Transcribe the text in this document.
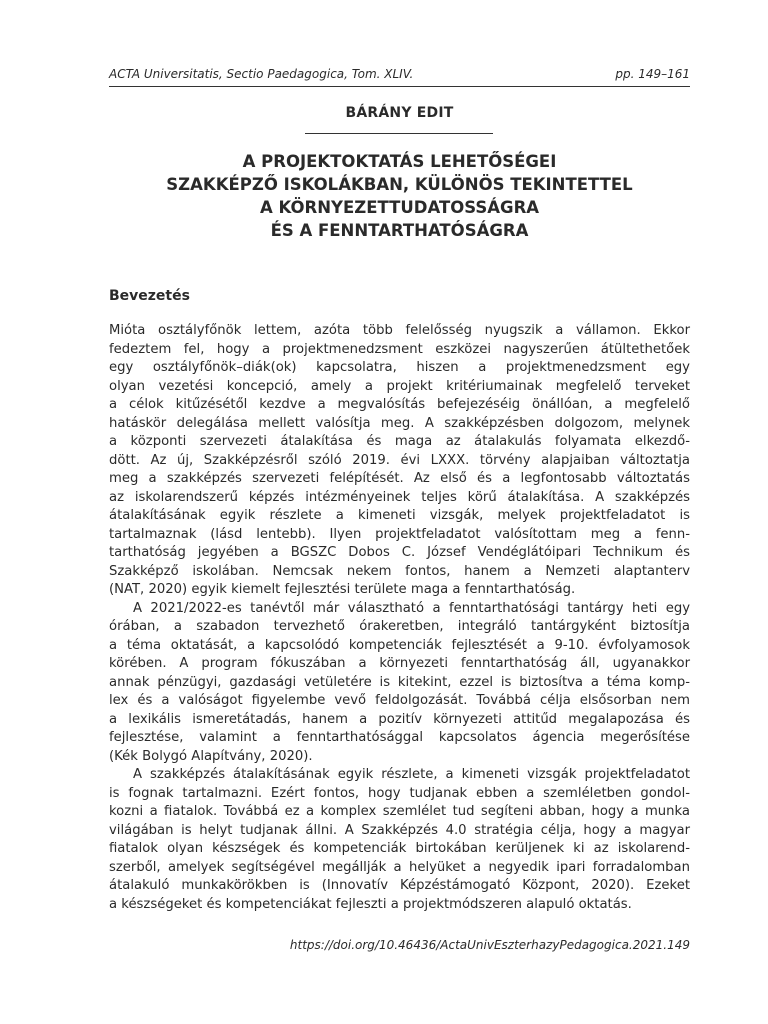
ACTA Universitatis, Sectio Paedagogica, Tom. XLIV.	pp. 149–161
BÁRÁNY EDIT
A PROJEKTOKTATÁS LEHETŐSÉGEI
SZAKKÉPZŐ ISKOLÁKBAN, KÜLÖNÖS TEKINTETTEL
A KÖRNYEZETTUDATOSSÁGRA
ÉS A FENNTARTHATÓSÁGRA
Bevezetés

Mióta osztályfőnök lettem, azóta több felelősség nyugszik a vállamon. Ekkor
fedeztem fel, hogy a projektmenedzsment eszközei nagyszerűen átültethetőek
egy osztályfőnök–diák(ok) kapcsolatra, hiszen a projektmenedzsment egy
olyan vezetési koncepció, amely a projekt kritériumainak megfelelő terveket
a célok kitűzésétől kezdve a megvalósítás befejezéséig önállóan, a megfelelő
hatáskör delegálása mellett valósítja meg. A szakképzésben dolgozom, melynek
a központi szervezeti átalakítása és maga az átalakulás folyamata elkezdő-
dött. Az új, Szakképzésről szóló 2019. évi LXXX. törvény alapjaiban változtatja
meg a szakképzés szervezeti felépítését. Az első és a legfontosabb változtatás
az iskolarendszerű képzés intézményeinek teljes körű átalakítása. A szakképzés
átalakításának egyik részlete a kimeneti vizsgák, melyek projektfeladatot is
tartalmaznak (lásd lentebb). Ilyen projektfeladatot valósítottam meg a fenn-
tarthatóság jegyében a BGSZC Dobos C. József Vendéglátóipari Technikum és
Szakképző iskolában. Nemcsak nekem fontos, hanem a Nemzeti alaptanterv
(NAT, 2020) egyik kiemelt fejlesztési területe maga a fenntarthatóság.

A 2021/2022-es tanévtől már választható a fenntarthatósági tantárgy heti egy
órában, a szabadon tervezhető órakeretben, integráló tantárgyként biztosítja
a téma oktatását, a kapcsolódó kompetenciák fejlesztését a 9-10. évfolyamosok
körében. A program fókuszában a környezeti fenntarthatóság áll, ugyanakkor
annak pénzügyi, gazdasági vetületére is kitekint, ezzel is biztosítva a téma komp-
lex és a valóságot figyelembe vevő feldolgozását. Továbbá célja elsősorban nem
a lexikális ismeretátadás, hanem a pozitív környezeti attitűd megalapozása és
fejlesztése, valamint a fenntarthatósággal kapcsolatos ágencia megerősítése
(Kék Bolygó Alapítvány, 2020).

A szakképzés átalakításának egyik részlete, a kimeneti vizsgák projektfeladatot
is fognak tartalmazni. Ezért fontos, hogy tudjanak ebben a szemléletben gondol-
kozni a fiatalok. Továbbá ez a komplex szemlélet tud segíteni abban, hogy a munka
világában is helyt tudjanak állni. A Szakképzés 4.0 stratégia célja, hogy a magyar
fiatalok olyan készségek és kompetenciák birtokában kerüljenek ki az iskolarend-
szerből, amelyek segítségével megállják a helyüket a negyedik ipari forradalomban
átalakuló munkakörökben is (Innovatív Képzéstámogató Központ, 2020). Ezeket
a készségeket és kompetenciákat fejleszti a projektmódszeren alapuló oktatás.

https://doi.org/10.46436/ActaUnivEszterhazyPedagogica.2021.149
